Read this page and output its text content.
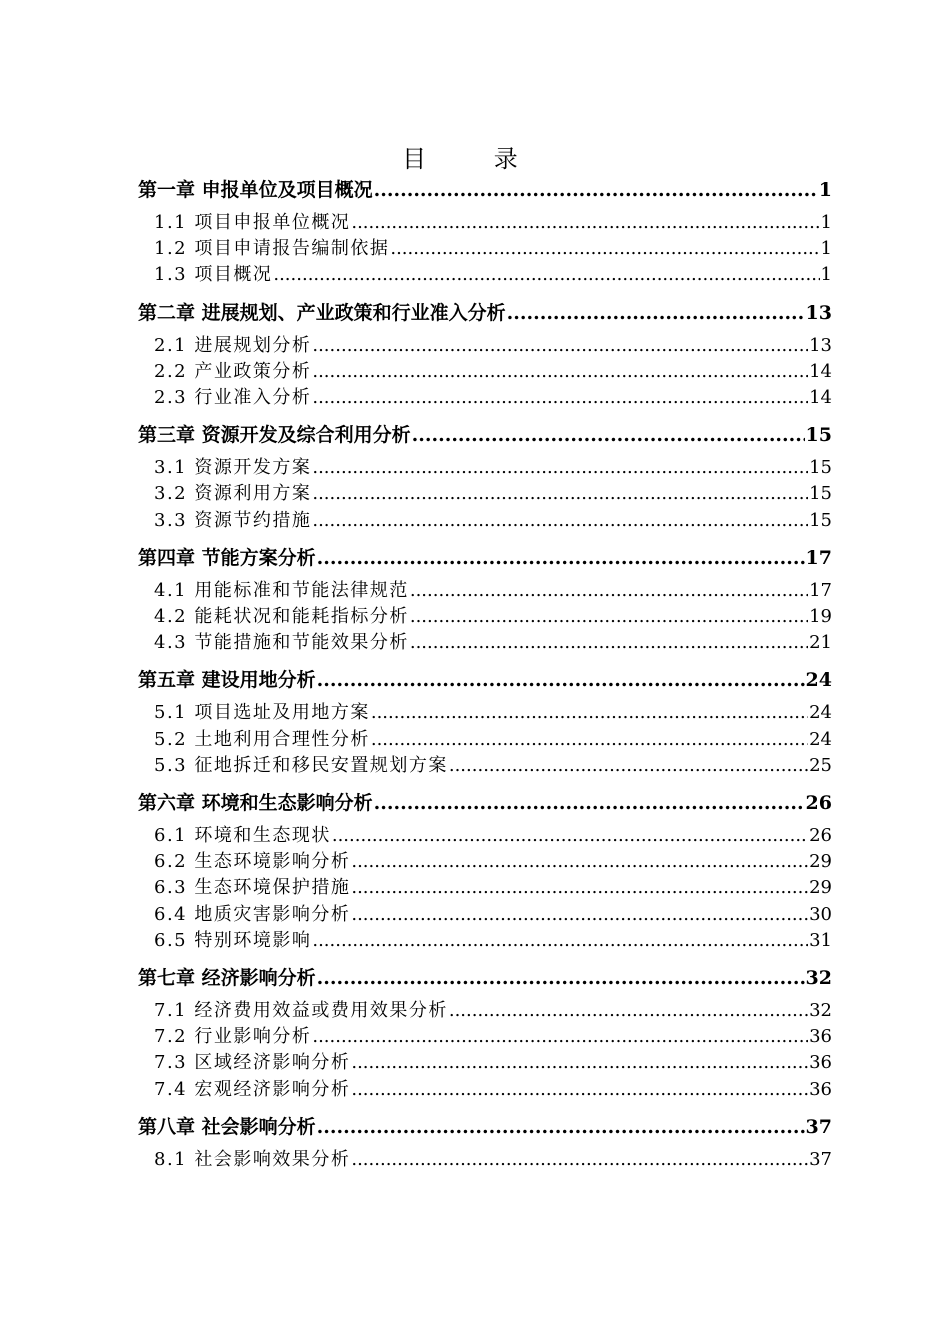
目 录
第一章 申报单位及项目概况 .....	1
1.1 项目申报单位概况 .....	1
1.2 项目申请报告编制依据 .....	1
1.3 项目概况 .....	1
第二章 进展规划、产业政策和行业准入分析 .....	13
2.1 进展规划分析 .....	13
2.2 产业政策分析 .....	14
2.3 行业准入分析 .....	14
第三章 资源开发及综合利用分析 .....	15
3.1 资源开发方案 .....	15
3.2 资源利用方案 .....	15
3.3 资源节约措施 .....	15
第四章 节能方案分析 .....	17
4.1 用能标准和节能法律规范 .....	17
4.2 能耗状况和能耗指标分析 .....	19
4.3 节能措施和节能效果分析 .....	21
第五章 建设用地分析 .....	24
5.1 项目选址及用地方案 .....	24
5.2 土地利用合理性分析 .....	24
5.3 征地拆迁和移民安置规划方案 .....	25
第六章 环境和生态影响分析 .....	26
6.1 环境和生态现状 .....	26
6.2 生态环境影响分析 .....	29
6.3 生态环境保护措施 .....	29
6.4 地质灾害影响分析 .....	30
6.5 特别环境影响 .....	31
第七章 经济影响分析 .....	32
7.1 经济费用效益或费用效果分析 .....	32
7.2 行业影响分析 .....	36
7.3 区域经济影响分析 .....	36
7.4 宏观经济影响分析 .....	36
第八章 社会影响分析 .....	37
8.1 社会影响效果分析 .....	37
